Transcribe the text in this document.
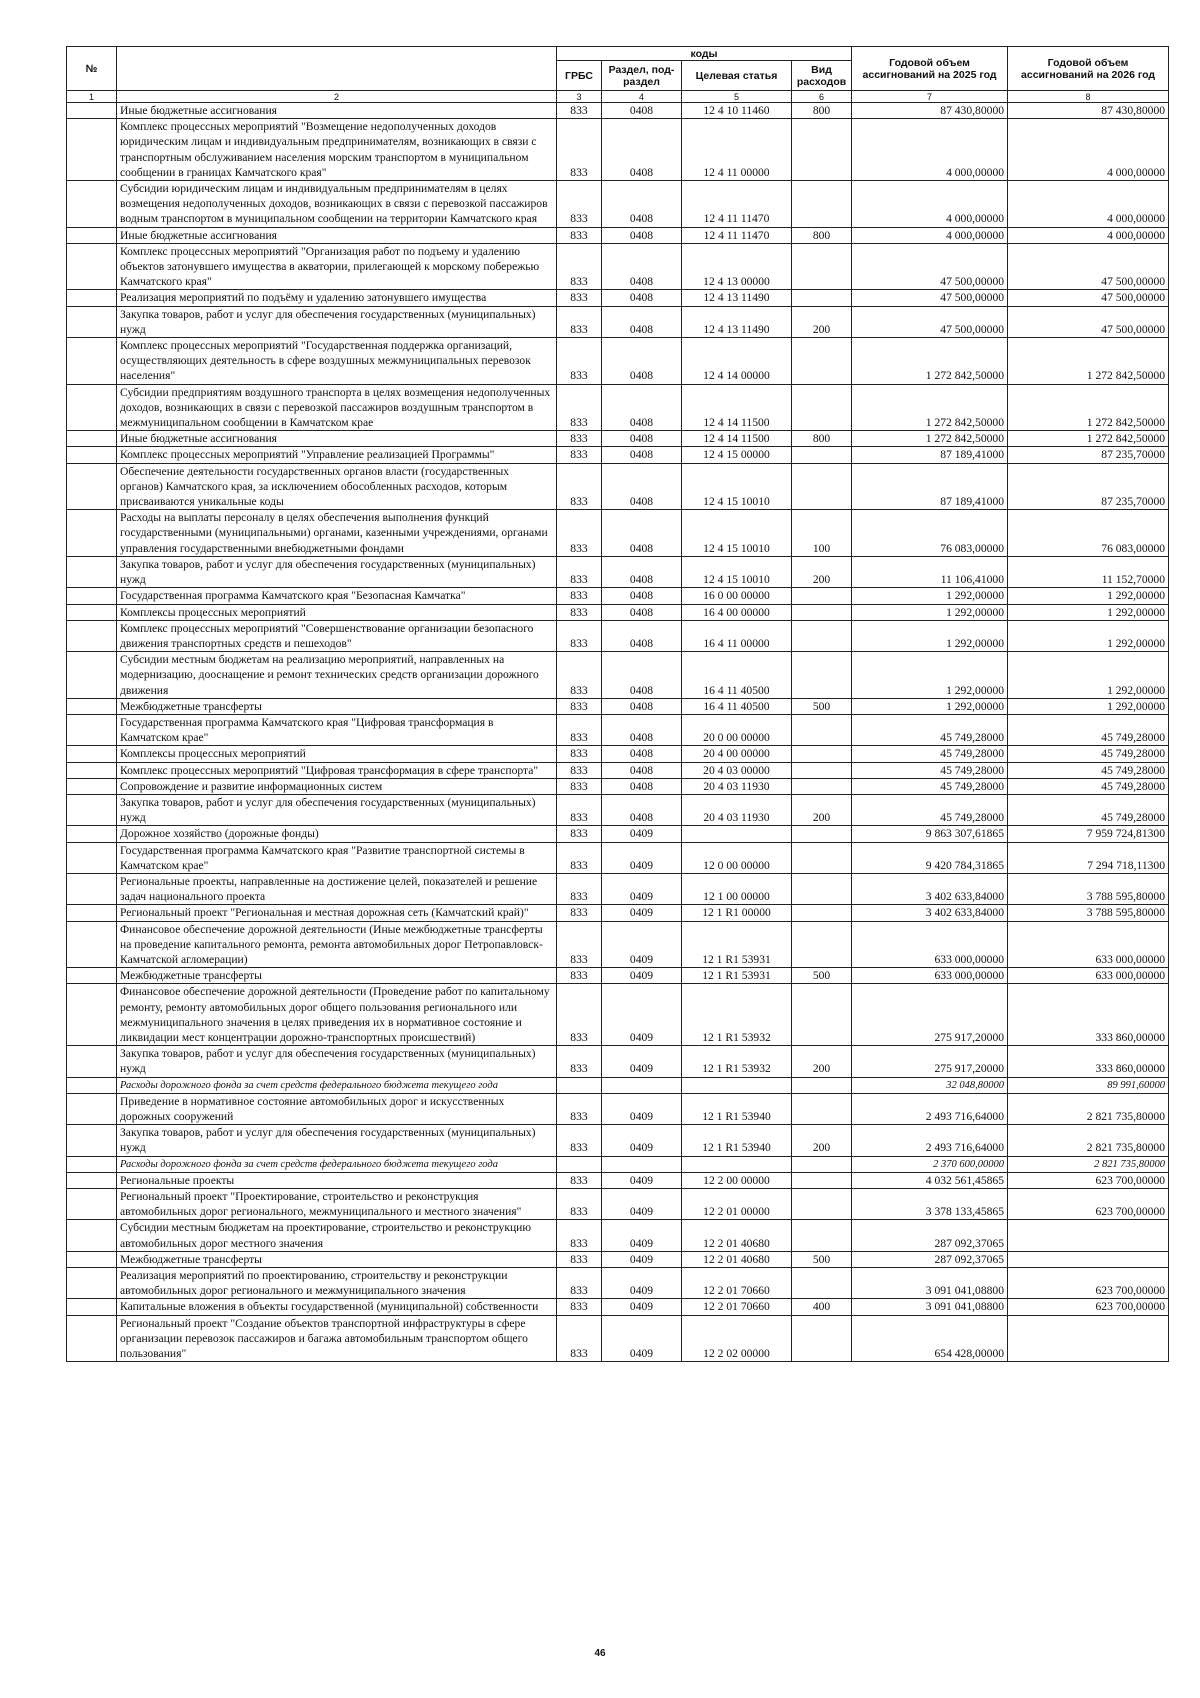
№		коды				Годовой объем ассигнований на 2025 год	Годовой объем ассигнований на 2026 год
		ГРБС	Раздел, под-раздел	Целевая статья	Вид расходов		
1	2	3	4	5	6	7	8
	Иные бюджетные ассигнования	833	0408	12 4 10 11460	800	87 430,80000	87 430,80000
	Комплекс процессных мероприятий "Возмещение недополученных доходов юридическим лицам и индивидуальным предпринимателям, возникающих в связи с транспортным обслуживанием населения морским транспортом в муниципальном сообщении в границах Камчатского края"	833	0408	12 4 11 00000		4 000,00000	4 000,00000
	Субсидии юридическим лицам и индивидуальным предпринимателям в целях возмещения недополученных доходов, возникающих в связи с перевозкой пассажиров водным транспортом в муниципальном сообщении на территории Камчатского края	833	0408	12 4 11 11470		4 000,00000	4 000,00000
	Иные бюджетные ассигнования	833	0408	12 4 11 11470	800	4 000,00000	4 000,00000
	Комплекс процессных мероприятий "Организация работ по подъему и удалению объектов затонувшего имущества в акватории, прилегающей к морскому побережью Камчатского края"	833	0408	12 4 13 00000		47 500,00000	47 500,00000
	Реализация мероприятий по подъёму и удалению затонувшего имущества	833	0408	12 4 13 11490		47 500,00000	47 500,00000
	Закупка товаров, работ и услуг для обеспечения государственных (муниципальных) нужд	833	0408	12 4 13 11490	200	47 500,00000	47 500,00000
	Комплекс процессных мероприятий "Государственная поддержка организаций, осуществляющих деятельность в сфере воздушных межмуниципальных перевозок населения"	833	0408	12 4 14 00000		1 272 842,50000	1 272 842,50000
	Субсидии предприятиям воздушного транспорта в целях возмещения недополученных доходов, возникающих в связи с перевозкой пассажиров воздушным транспортом в межмуниципальном сообщении в Камчатском крае	833	0408	12 4 14 11500		1 272 842,50000	1 272 842,50000
	Иные бюджетные ассигнования	833	0408	12 4 14 11500	800	1 272 842,50000	1 272 842,50000
	Комплекс процессных мероприятий "Управление реализацией Программы"	833	0408	12 4 15 00000		87 189,41000	87 235,70000
	Обеспечение деятельности государственных органов власти (государственных органов) Камчатского края, за исключением обособленных расходов, которым присваиваются уникальные коды	833	0408	12 4 15 10010		87 189,41000	87 235,70000
	Расходы на выплаты персоналу в целях обеспечения выполнения функций государственными (муниципальными) органами, казенными учреждениями, органами управления государственными внебюджетными фондами	833	0408	12 4 15 10010	100	76 083,00000	76 083,00000
	Закупка товаров, работ и услуг для обеспечения государственных (муниципальных) нужд	833	0408	12 4 15 10010	200	11 106,41000	11 152,70000
	Государственная программа Камчатского края "Безопасная Камчатка"	833	0408	16 0 00 00000		1 292,00000	1 292,00000
	Комплексы процессных мероприятий	833	0408	16 4 00 00000		1 292,00000	1 292,00000
	Комплекс процессных мероприятий "Совершенствование организации безопасного движения транспортных средств и пешеходов"	833	0408	16 4 11 00000		1 292,00000	1 292,00000
	Субсидии местным бюджетам на реализацию мероприятий, направленных на модернизацию, дооснащение и ремонт технических средств организации дорожного движения	833	0408	16 4 11 40500		1 292,00000	1 292,00000
	Межбюджетные трансферты	833	0408	16 4 11 40500	500	1 292,00000	1 292,00000
	Государственная программа Камчатского края "Цифровая трансформация в Камчатском крае"	833	0408	20 0 00 00000		45 749,28000	45 749,28000
	Комплексы процессных мероприятий	833	0408	20 4 00 00000		45 749,28000	45 749,28000
	Комплекс процессных мероприятий "Цифровая трансформация в сфере транспорта"	833	0408	20 4 03 00000		45 749,28000	45 749,28000
	Сопровождение и развитие информационных систем	833	0408	20 4 03 11930		45 749,28000	45 749,28000
	Закупка товаров, работ и услуг для обеспечения государственных (муниципальных) нужд	833	0408	20 4 03 11930	200	45 749,28000	45 749,28000
	Дорожное хозяйство (дорожные фонды)	833	0409			9 863 307,61865	7 959 724,81300
	Государственная программа Камчатского края "Развитие транспортной системы в Камчатском крае"	833	0409	12 0 00 00000		9 420 784,31865	7 294 718,11300
	Региональные проекты, направленные на достижение целей, показателей и решение задач национального проекта	833	0409	12 1 00 00000		3 402 633,84000	3 788 595,80000
	Региональный проект "Региональная и местная дорожная сеть (Камчатский край)"	833	0409	12 1 R1 00000		3 402 633,84000	3 788 595,80000
	Финансовое обеспечение дорожной деятельности (Иные межбюджетные трансферты на проведение капитального ремонта, ремонта автомобильных дорог Петропавловск-Камчатской агломерации)	833	0409	12 1 R1 53931		633 000,00000	633 000,00000
	Межбюджетные трансферты	833	0409	12 1 R1 53931	500	633 000,00000	633 000,00000
	Финансовое обеспечение дорожной деятельности (Проведение работ по капитальному ремонту, ремонту автомобильных дорог общего пользования регионального или межмуниципального значения в целях приведения их в нормативное состояние и ликвидации мест концентрации дорожно-транспортных происшествий)	833	0409	12 1 R1 53932		275 917,20000	333 860,00000
	Закупка товаров, работ и услуг для обеспечения государственных (муниципальных) нужд	833	0409	12 1 R1 53932	200	275 917,20000	333 860,00000
	Расходы дорожного фонда за счет средств федерального бюджета текущего года					32 048,80000	89 991,60000
	Приведение в нормативное состояние автомобильных дорог и искусственных дорожных сооружений	833	0409	12 1 R1 53940		2 493 716,64000	2 821 735,80000
	Закупка товаров, работ и услуг для обеспечения государственных (муниципальных) нужд	833	0409	12 1 R1 53940	200	2 493 716,64000	2 821 735,80000
	Расходы дорожного фонда за счет средств федерального бюджета текущего года					2 370 600,00000	2 821 735,80000
	Региональные проекты	833	0409	12 2 00 00000		4 032 561,45865	623 700,00000
	Региональный проект "Проектирование, строительство и реконструкция автомобильных дорог регионального, межмуниципального и местного значения"	833	0409	12 2 01 00000		3 378 133,45865	623 700,00000
	Субсидии местным бюджетам на проектирование, строительство и реконструкцию автомобильных дорог местного значения	833	0409	12 2 01 40680		287 092,37065	
	Межбюджетные трансферты	833	0409	12 2 01 40680	500	287 092,37065	
	Реализация мероприятий по проектированию, строительству и реконструкции автомобильных дорог регионального и межмуниципального значения	833	0409	12 2 01 70660		3 091 041,08800	623 700,00000
	Капитальные вложения в объекты государственной (муниципальной) собственности	833	0409	12 2 01 70660	400	3 091 041,08800	623 700,00000
	Региональный проект "Создание объектов транспортной инфраструктуры в сфере организации перевозок пассажиров и багажа автомобильным транспортом общего пользования"	833	0409	12 2 02 00000		654 428,00000	
46
